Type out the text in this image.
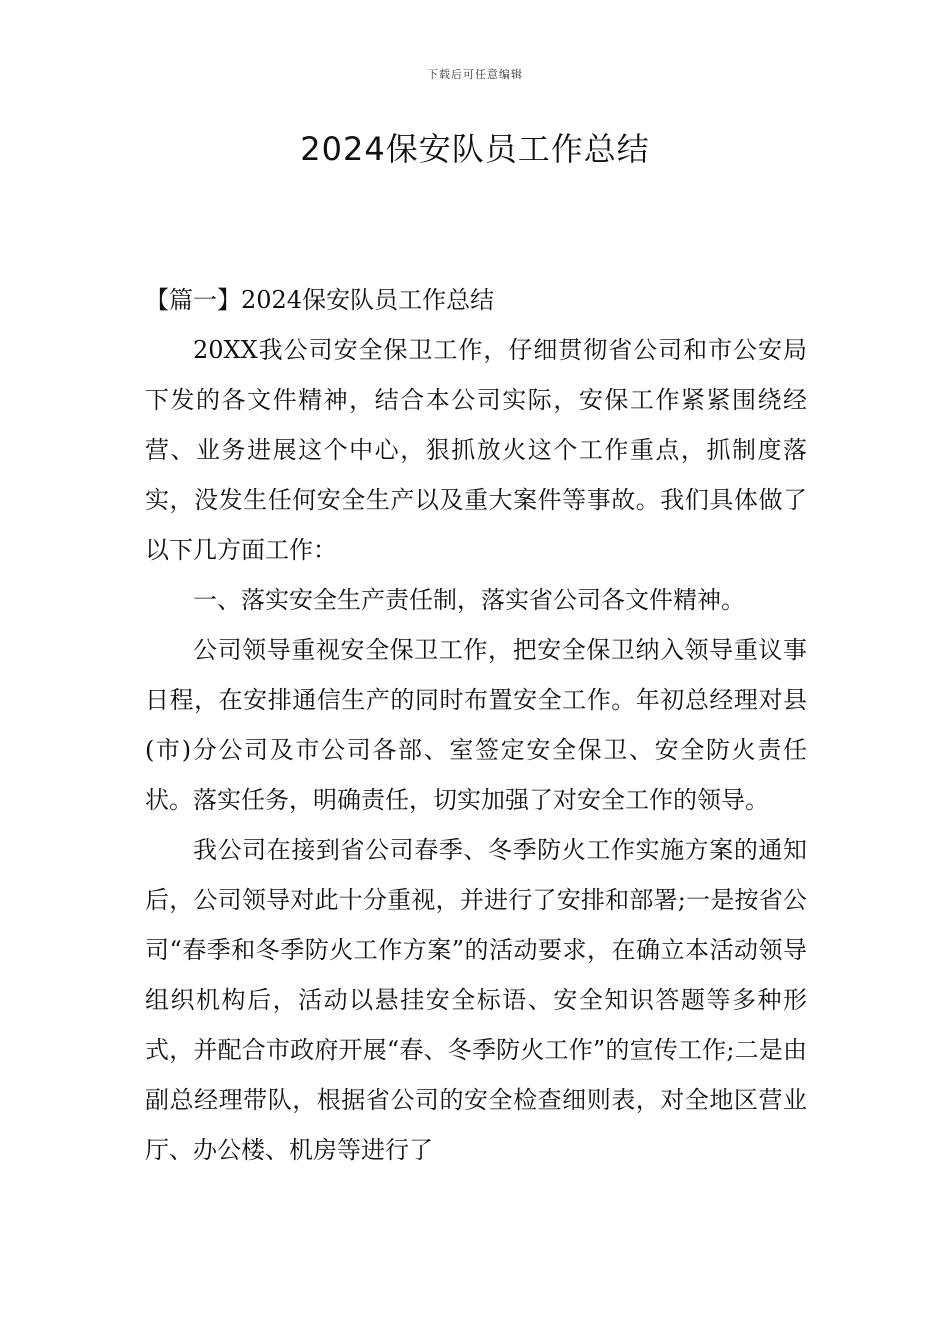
下载后可任意编辑
2024保安队员工作总结

【篇一】2024保安队员工作总结

20XX我公司安全保卫工作，仔细贯彻省公司和市公安局下发的各文件精神，结合本公司实际，安保工作紧紧围绕经营、业务进展这个中心，狠抓放火这个工作重点，抓制度落实，没发生任何安全生产以及重大案件等事故。我们具体做了以下几方面工作：

一、落实安全生产责任制，落实省公司各文件精神。

公司领导重视安全保卫工作，把安全保卫纳入领导重议事日程，在安排通信生产的同时布置安全工作。年初总经理对县(市)分公司及市公司各部、室签定安全保卫、安全防火责任状。落实任务，明确责任，切实加强了对安全工作的领导。

我公司在接到省公司春季、冬季防火工作实施方案的通知后，公司领导对此十分重视，并进行了安排和部署;一是按省公司“春季和冬季防火工作方案”的活动要求，在确立本活动领导组织机构后，活动以悬挂安全标语、安全知识答题等多种形式，并配合市政府开展“春、冬季防火工作”的宣传工作;二是由副总经理带队，根据省公司的安全检查细则表，对全地区营业厅、办公楼、机房等进行了
